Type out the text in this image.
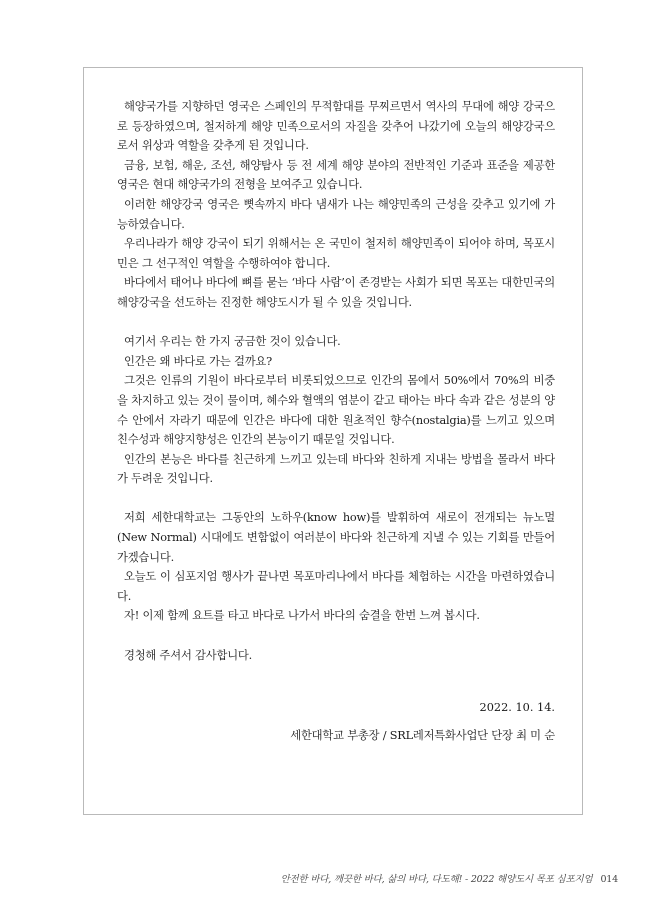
해양국가를 지향하던 영국은 스페인의 무적함대를 무찌르면서 역사의 무대에 해양 강국으로 등장하였으며, 철저하게 해양 민족으로서의 자질을 갖추어 나갔기에 오늘의 해양강국으로서 위상과 역할을 갖추게 된 것입니다.

금융, 보험, 해운, 조선, 해양탐사 등 전 세계 해양 분야의 전반적인 기준과 표준을 제공한 영국은 현대 해양국가의 전형을 보여주고 있습니다.

이러한 해양강국 영국은 뼛속까지 바다 냄새가 나는 해양민족의 근성을 갖추고 있기에 가능하였습니다.

우리나라가 해양 강국이 되기 위해서는 온 국민이 철저히 해양민족이 되어야 하며, 목포시민은 그 선구적인 역할을 수행하여야 합니다.

바다에서 태어나 바다에 뼈를 묻는 ‘바다 사람’이 존경받는 사회가 되면 목포는 대한민국의 해양강국을 선도하는 진정한 해양도시가 될 수 있을 것입니다.

여기서 우리는 한 가지 궁금한 것이 있습니다.

인간은 왜 바다로 가는 걸까요?

그것은 인류의 기원이 바다로부터 비롯되었으므로 인간의 몸에서 50%에서 70%의 비중을 차지하고 있는 것이 물이며, 혜수와 혈액의 염분이 같고 태아는 바다 속과 같은 성분의 양수 안에서 자라기 때문에 인간은 바다에 대한 원초적인 향수(nostalgia)를 느끼고 있으며 친수성과 해양지향성은 인간의 본능이기 때문일 것입니다.

인간의 본능은 바다를 친근하게 느끼고 있는데 바다와 친하게 지내는 방법을 몰라서 바다가 두려운 것입니다.

저희 세한대학교는 그동안의 노하우(know how)를 발휘하여 새로이 전개되는 뉴노멀(New Normal) 시대에도 변함없이 여러분이 바다와 친근하게 지낼 수 있는 기회를 만들어 가겠습니다.

오늘도 이 심포지엄 행사가 끝나면 목포마리나에서 바다를 체험하는 시간을 마련하였습니다.

자! 이제 함께 요트를 타고 바다로 나가서 바다의 숨결을 한번 느껴 봅시다.

경청해 주셔서 감사합니다.

2022. 10. 14.
세한대학교 부총장 / SRL레저특화사업단 단장 최 미 순
안전한 바다, 깨끗한 바다, 삶의 바다, 다도해! - 2022 해양도시 목포 심포지엄 014
